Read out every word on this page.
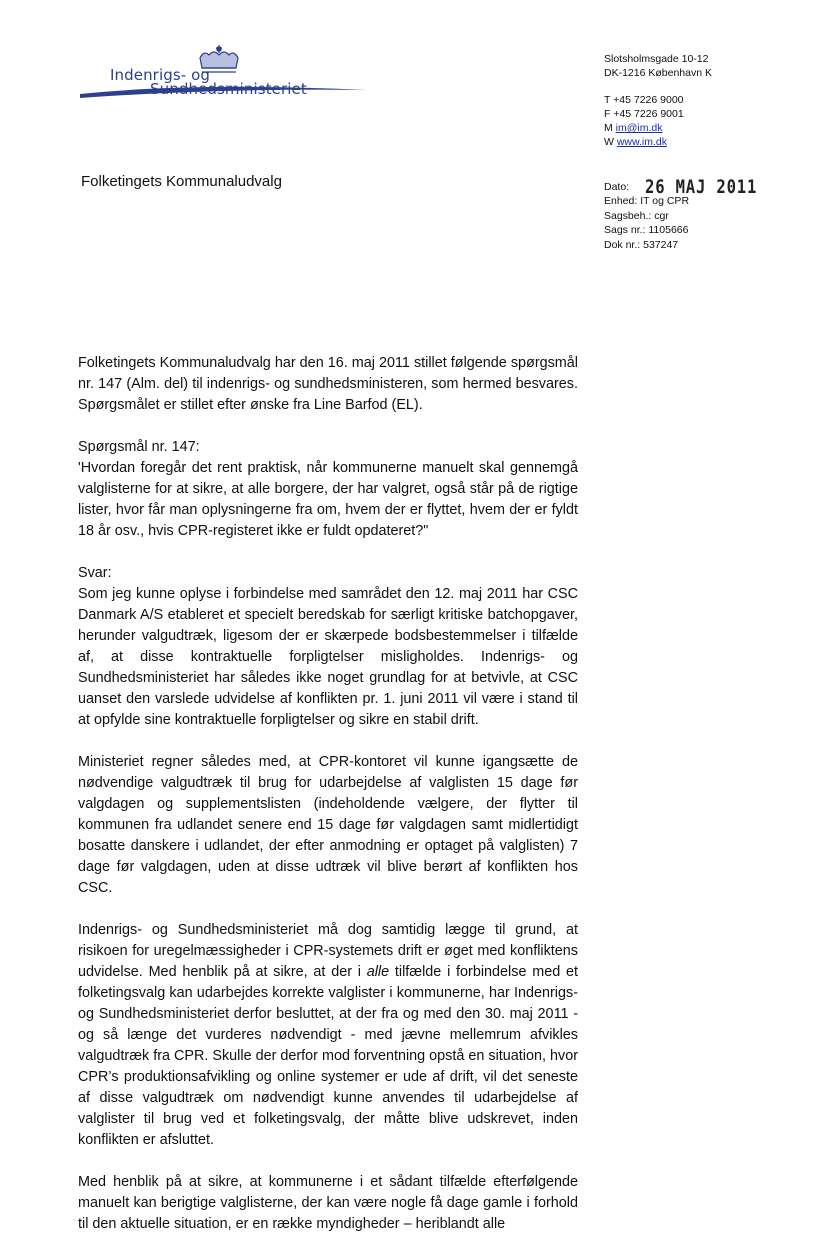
Indenrigs- og
Sundhedsministeriet
Slotsholmsgade 10-12
DK-1216 København K
T +45 7226 9000
F +45 7226 9001
M im@im.dk
W www.im.dk
Folketingets Kommunaludvalg	Dato: 26 MAJ 2011
Enhed: IT og CPR
Sagsbeh.: cgr
Sags nr.: 1105666
Dok nr.: 537247

Folketingets Kommunaludvalg har den 16. maj 2011 stillet følgende spørgsmål nr. 147 (Alm. del) til indenrigs- og sundhedsministeren, som hermed besvares. Spørgsmålet er stillet efter ønske fra Line Barfod (EL).

Spørgsmål nr. 147:

'Hvordan foregår det rent praktisk, når kommunerne manuelt skal gennemgå valglisterne for at sikre, at alle borgere, der har valgret, også står på de rigtige lister, hvor får man oplysningerne fra om, hvem der er flyttet, hvem der er fyldt 18 år osv., hvis CPR-registeret ikke er fuldt opdateret?"

Svar:

Som jeg kunne oplyse i forbindelse med samrådet den 12. maj 2011 har CSC Danmark A/S etableret et specielt beredskab for særligt kritiske batchopgaver, herunder valgudtræk, ligesom der er skærpede bodsbestemmelser i tilfælde af, at disse kontraktuelle forpligtelser misligholdes. Indenrigs- og Sundhedsministeriet har således ikke noget grundlag for at betvivle, at CSC uanset den varslede udvidelse af konflikten pr. 1. juni 2011 vil være i stand til at opfylde sine kontraktuelle forpligtelser og sikre en stabil drift.

Ministeriet regner således med, at CPR-kontoret vil kunne igangsætte de nødvendige valgudtræk til brug for udarbejdelse af valglisten 15 dage før valgdagen og supplementslisten (indeholdende vælgere, der flytter til kommunen fra udlandet senere end 15 dage før valgdagen samt midlertidigt bosatte danskere i udlandet, der efter anmodning er optaget på valglisten) 7 dage før valgdagen, uden at disse udtræk vil blive berørt af konflikten hos CSC.

Indenrigs- og Sundhedsministeriet må dog samtidig lægge til grund, at risikoen for uregelmæssigheder i CPR-systemets drift er øget med konfliktens udvidelse. Med henblik på at sikre, at der i alle tilfælde i forbindelse med et folketingsvalg kan udarbejdes korrekte valglister i kommunerne, har Indenrigs- og Sundhedsministeriet derfor besluttet, at der fra og med den 30. maj 2011 - og så længe det vurderes nødvendigt - med jævne mellemrum afvikles valgudtræk fra CPR. Skulle der derfor mod forventning opstå en situation, hvor CPR’s produktionsafvikling og online systemer er ude af drift, vil det seneste af disse valgudtræk om nødvendigt kunne anvendes til udarbejdelse af valglister til brug ved et folketingsvalg, der måtte blive udskrevet, inden konflikten er afsluttet.

Med henblik på at sikre, at kommunerne i et sådant tilfælde efterfølgende manuelt kan berigtige valglisterne, der kan være nogle få dage gamle i forhold til den aktuelle situation, er en række myndigheder – heriblandt alle
